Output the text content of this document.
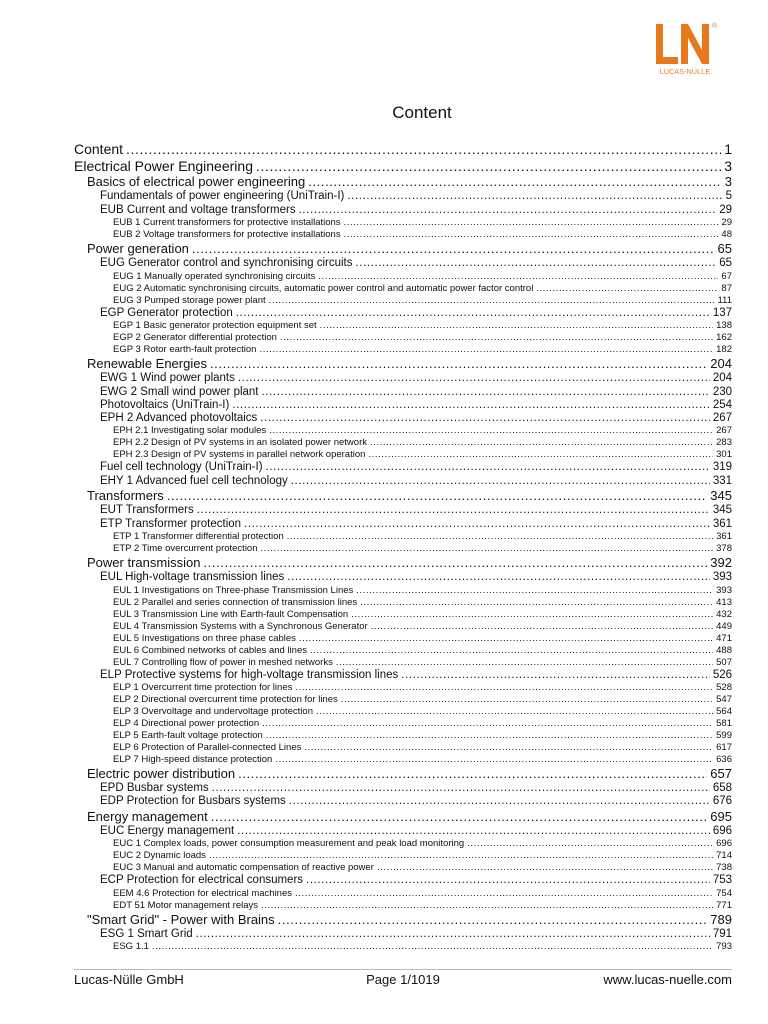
®
LUCAS-NÜLLE
Content
Content .....	1
Electrical Power Engineering .....	3
Basics of electrical power engineering .....	3
Fundamentals of power engineering (UniTrain-I) .....	5
EUB Current and voltage transformers .....	29
EUB 1 Current transformers for protective installations .....	29
EUB 2 Voltage transformers for protective installations .....	48
Power generation .....	65
EUG Generator control and synchronising circuits .....	65
EUG 1 Manually operated synchronising circuits .....	67
EUG 2 Automatic synchronising circuits, automatic power control and automatic power factor control .....	87
EUG 3 Pumped storage power plant .....	111
EGP Generator protection .....	137
EGP 1 Basic generator protection equipment set .....	138
EGP 2 Generator differential protection .....	162
EGP 3 Rotor earth-fault protection .....	182
Renewable Energies .....	204
EWG 1 Wind power plants .....	204
EWG 2 Small wind power plant .....	230
Photovoltaics (UniTrain-I) .....	254
EPH 2 Advanced photovoltaics .....	267
EPH 2.1 Investigating solar modules .....	267
EPH 2.2 Design of PV systems in an isolated power network .....	283
EPH 2.3 Design of PV systems in parallel network operation .....	301
Fuel cell technology (UniTrain-I) .....	319
EHY 1 Advanced fuel cell technology .....	331
Transformers .....	345
EUT Transformers .....	345
ETP Transformer protection .....	361
ETP 1 Transformer differential protection .....	361
ETP 2 Time overcurrent protection .....	378
Power transmission .....	392
EUL High-voltage transmission lines .....	393
EUL 1 Investigations on Three-phase Transmission Lines .....	393
EUL 2 Parallel and series connection of transmission lines .....	413
EUL 3 Transmission Line with Earth-fault Compensation .....	432
EUL 4 Transmission Systems with a Synchronous Generator .....	449
EUL 5 Investigations on three phase cables .....	471
EUL 6 Combined networks of cables and lines .....	488
EUL 7 Controlling flow of power in meshed networks .....	507
ELP Protective systems for high-voltage transmission lines .....	526
ELP 1 Overcurrent time protection for lines .....	528
ELP 2 Directional overcurrent time protection for lines .....	547
ELP 3 Overvoltage and undervoltage protection .....	564
ELP 4 Directional power protection .....	581
ELP 5 Earth-fault voltage protection .....	599
ELP 6 Protection of Parallel-connected Lines .....	617
ELP 7 High-speed distance protection .....	636
Electric power distribution .....	657
EPD Busbar systems .....	658
EDP Protection for Busbars systems .....	676
Energy management .....	695
EUC Energy management .....	696
EUC 1 Complex loads, power consumption measurement and peak load monitoring .....	696
EUC 2 Dynamic loads .....	714
EUC 3 Manual and automatic compensation of reactive power .....	738
ECP Protection for electrical consumers .....	753
EEM 4.6 Protection for electrical machines .....	754
EDT 51 Motor management relays .....	771
"Smart Grid" - Power with Brains .....	789
ESG 1 Smart Grid .....	791
ESG 1.1 .....	793
Lucas-Nülle GmbH	Page 1/1019	www.lucas-nuelle.com
